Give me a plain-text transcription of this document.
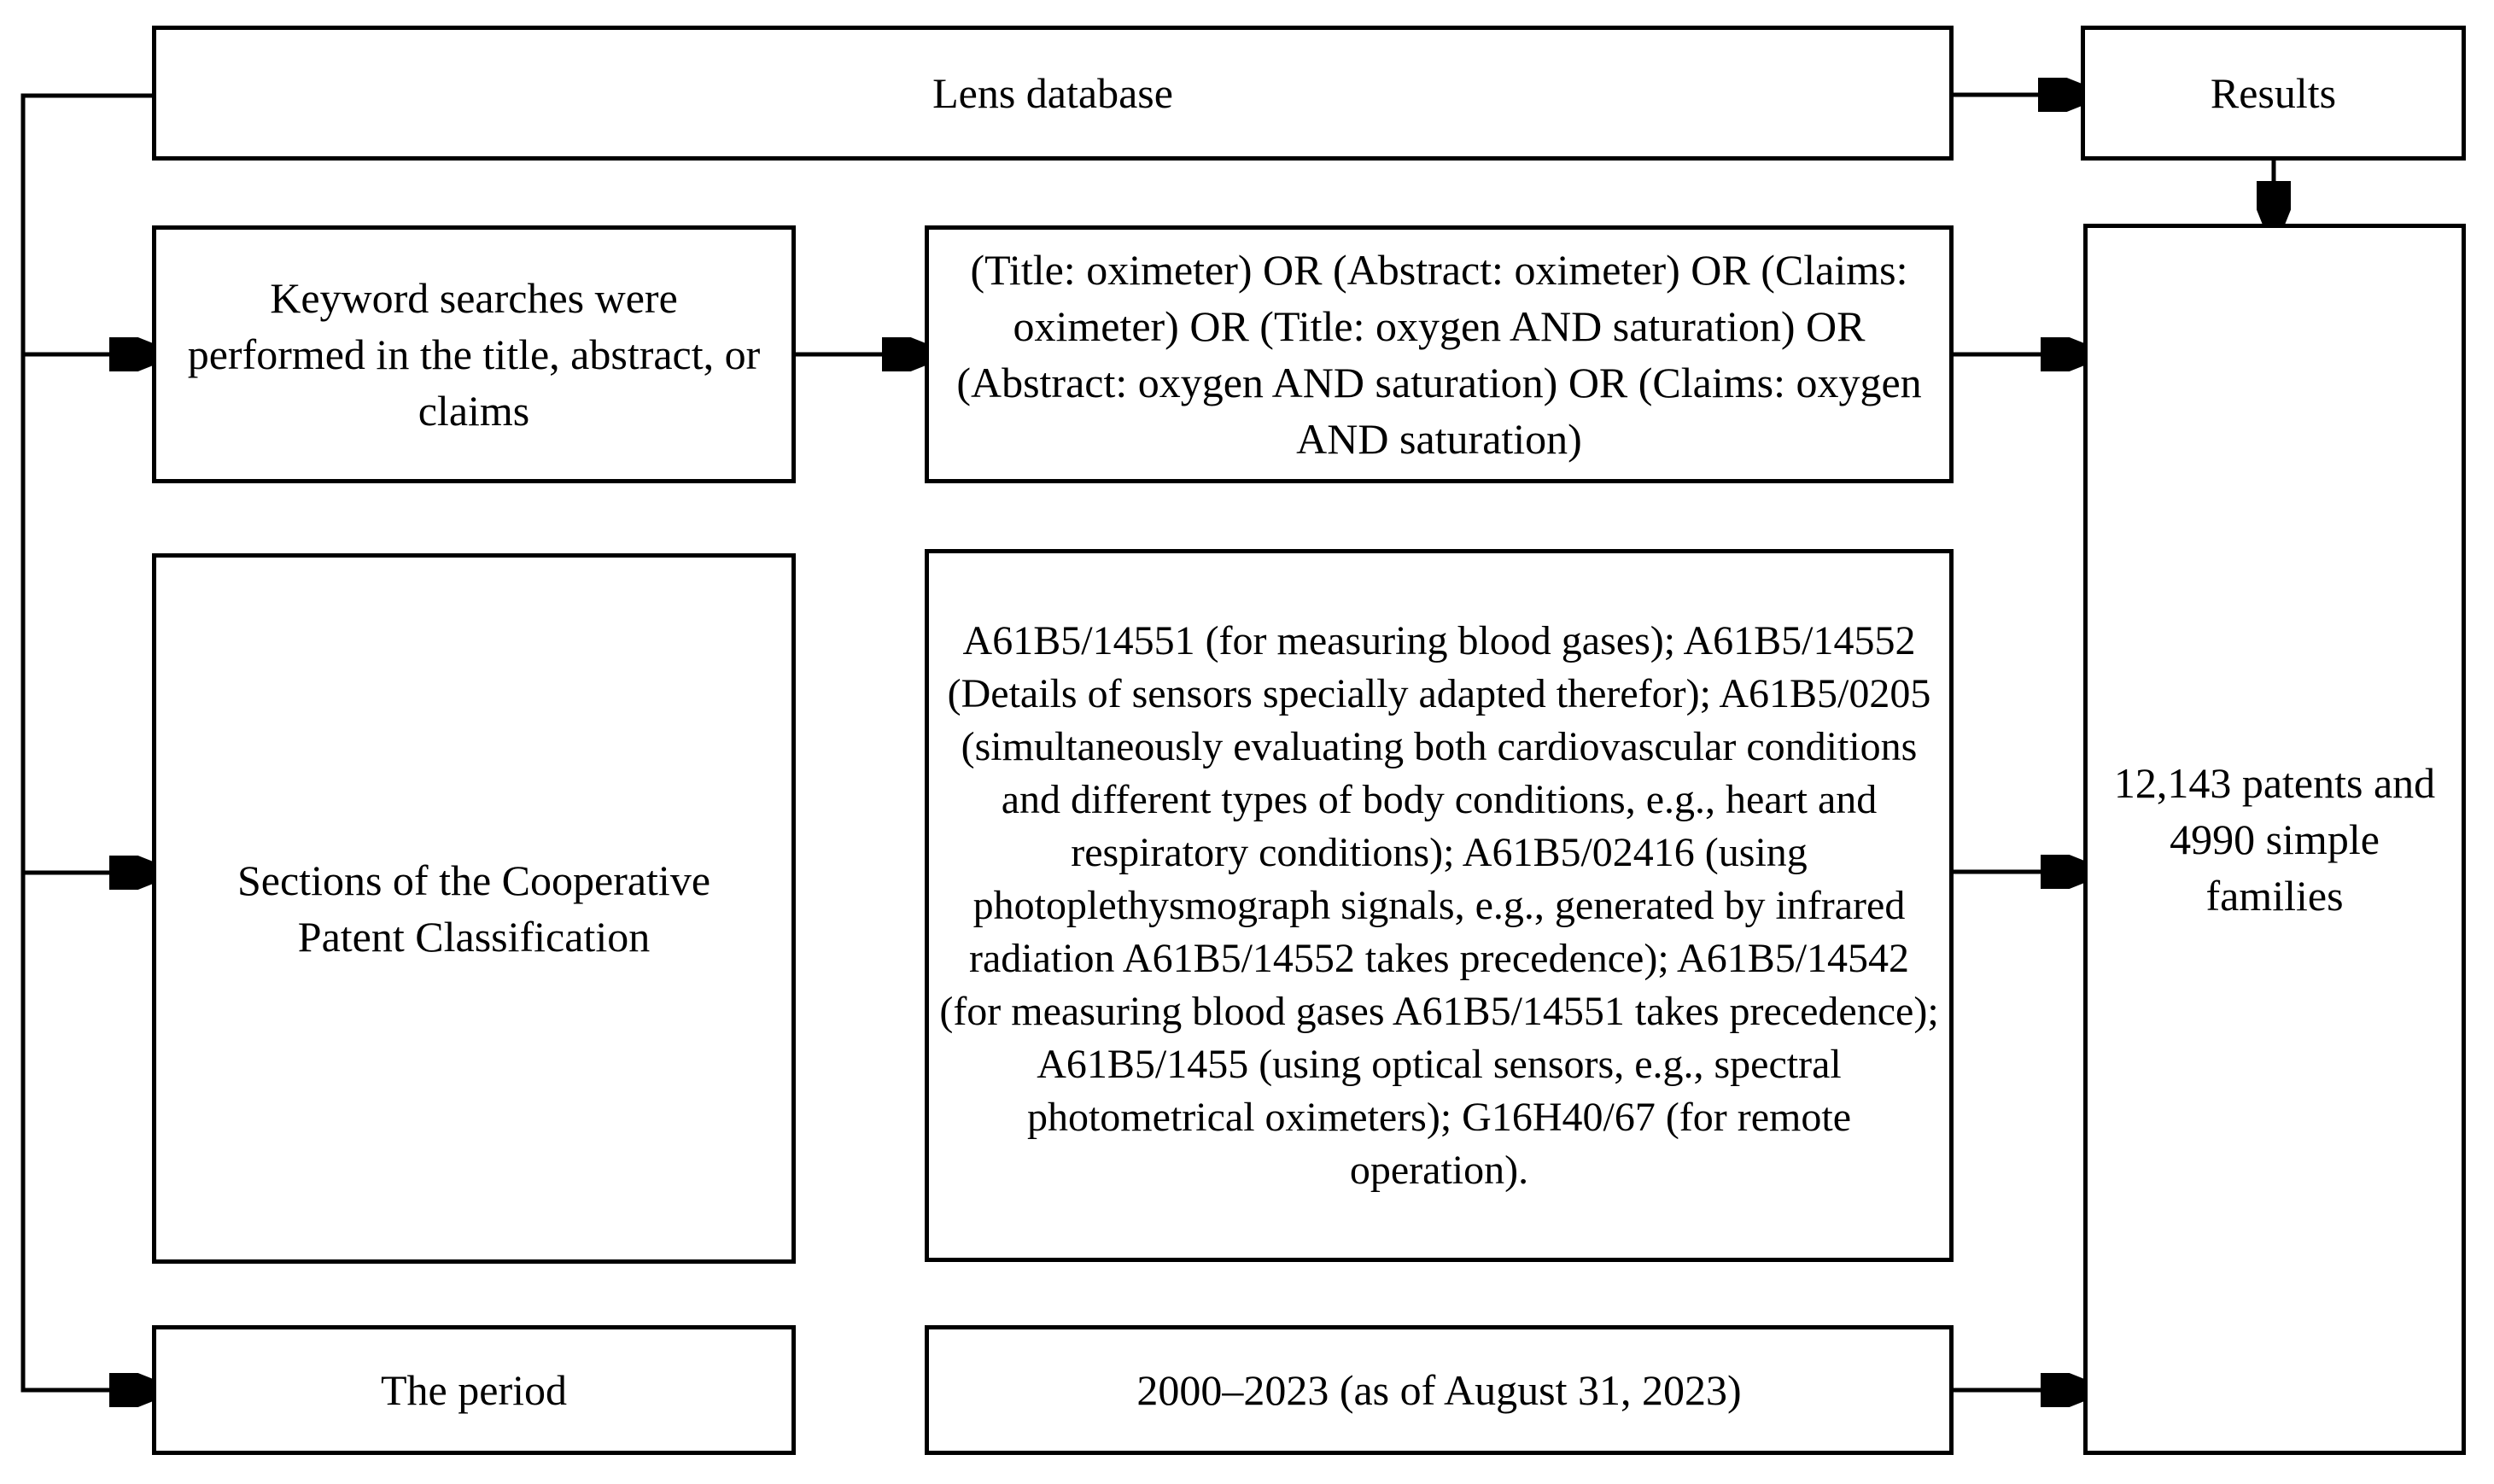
Lens database	Results
Keyword searches were performed in the title, abstract, or claims
(Title: oximeter) OR (Abstract: oximeter) OR (Claims: oximeter) OR (Title: oxygen AND saturation) OR (Abstract: oxygen AND saturation) OR (Claims: oxygen AND saturation)
Sections of the Cooperative Patent Classification
A61B5/14551 (for measuring blood gases); A61B5/14552 (Details of sensors specially adapted therefor); A61B5/0205 (simultaneously evaluating both cardiovascular conditions and different types of body conditions, e.g., heart and respiratory conditions); A61B5/02416 (using photoplethysmograph signals, e.g., generated by infrared radiation A61B5/14552 takes precedence); A61B5/14542 (for measuring blood gases A61B5/14551 takes precedence); A61B5/1455 (using optical sensors, e.g., spectral photometrical oximeters); G16H40/67 (for remote operation).
The period	2000–2023 (as of August 31, 2023)
12,143 patents and 4990 simple families
